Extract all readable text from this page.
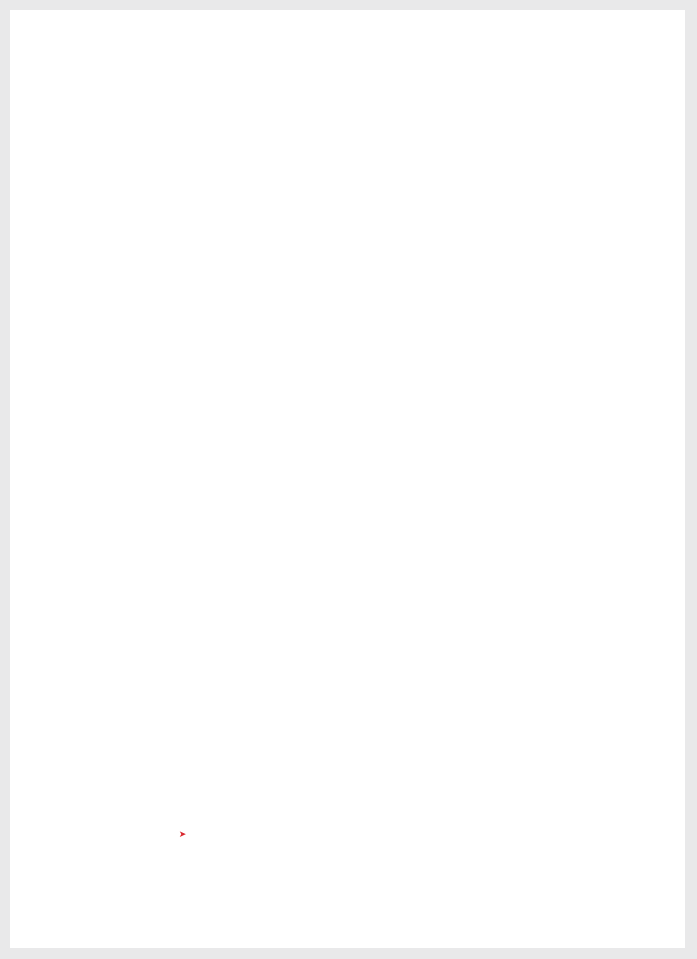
➤
